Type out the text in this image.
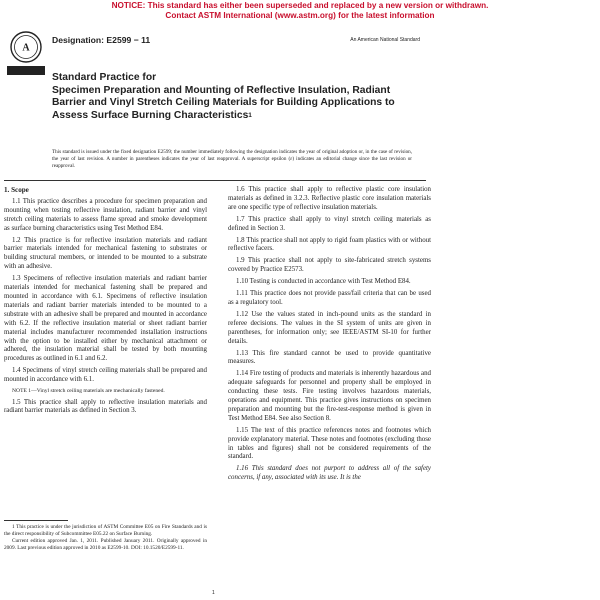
NOTICE: This standard has either been superseded and replaced by a new version or withdrawn.
Contact ASTM International (www.astm.org) for the latest information
A
Designation: E2599 − 11	An American National Standard
Standard Practice for
Specimen Preparation and Mounting of Reflective Insulation, Radiant Barrier and Vinyl Stretch Ceiling Materials for Building Applications to Assess Surface Burning Characteristics$^1$
This standard is issued under the fixed designation E2599; the number immediately following the designation indicates the year of original adoption or, in the case of revision, the year of last revision. A number in parentheses indicates the year of last reapproval. A superscript epsilon (ε) indicates an editorial change since the last revision or reapproval.

1. Scope

1.1 This practice describes a procedure for specimen preparation and mounting when testing reflective insulation, radiant barrier and vinyl stretch ceiling materials to assess flame spread and smoke development as surface burning characteristics using Test Method E84.

1.2 This practice is for reflective insulation materials and radiant barrier materials intended for mechanical fastening to substrates or building structural members, or intended to be mounted to a substrate with an adhesive.

1.3 Specimens of reflective insulation materials and radiant barrier materials intended for mechanical fastening shall be prepared and mounted in accordance with 6.1. Specimens of reflective insulation materials and radiant barrier materials intended to be mounted to a substrate with an adhesive shall be prepared and mounted in accordance with 6.2. If the reflective insulation material or sheet radiant barrier material includes manufacturer recommended installation instructions with the option to be installed either by mechanical attachment or adhered, the insulation material shall be tested by both mounting procedures as outlined in 6.1 and 6.2.

1.4 Specimens of vinyl stretch ceiling materials shall be prepared and mounted in accordance with 6.1.

NOTE 1—Vinyl stretch ceiling materials are mechanically fastened.

1.5 This practice shall apply to reflective insulation materials and radiant barrier materials as defined in Section 3.

1 This practice is under the jurisdiction of ASTM Committee E05 on Fire Standards and is the direct responsibility of Subcommittee E05.22 on Surface Burning.

Current edition approved Jan. 1, 2011. Published January 2011. Originally approved in 2009. Last previous edition approved in 2010 as E2599-10. DOI: 10.1520/E2599-11.

1.6 This practice shall apply to reflective plastic core insulation materials as defined in 3.2.3. Reflective plastic core insulation materials are one specific type of reflective insulation materials.

1.7 This practice shall apply to vinyl stretch ceiling materials as defined in Section 3.

1.8 This practice shall not apply to rigid foam plastics with or without reflective facers.

1.9 This practice shall not apply to site-fabricated stretch systems covered by Practice E2573.

1.10 Testing is conducted in accordance with Test Method E84.

1.11 This practice does not provide pass/fail criteria that can be used as a regulatory tool.

1.12 Use the values stated in inch-pound units as the standard in referee decisions. The values in the SI system of units are given in parentheses, for information only; see IEEE/ASTM SI-10 for further details.

1.13 This fire standard cannot be used to provide quantitative measures.

1.14 Fire testing of products and materials is inherently hazardous and adequate safeguards for personnel and property shall be employed in conducting these tests. Fire testing involves hazardous materials, operations and equipment. This practice gives instructions on specimen preparation and mounting but the fire-test-response method is given in Test Method E84. See also Section 8.

1.15 The text of this practice references notes and footnotes which provide explanatory material. These notes and footnotes (excluding those in tables and figures) shall not be considered requirements of the standard.

1.16 This standard does not purport to address all of the safety concerns, if any, associated with its use. It is the

1
